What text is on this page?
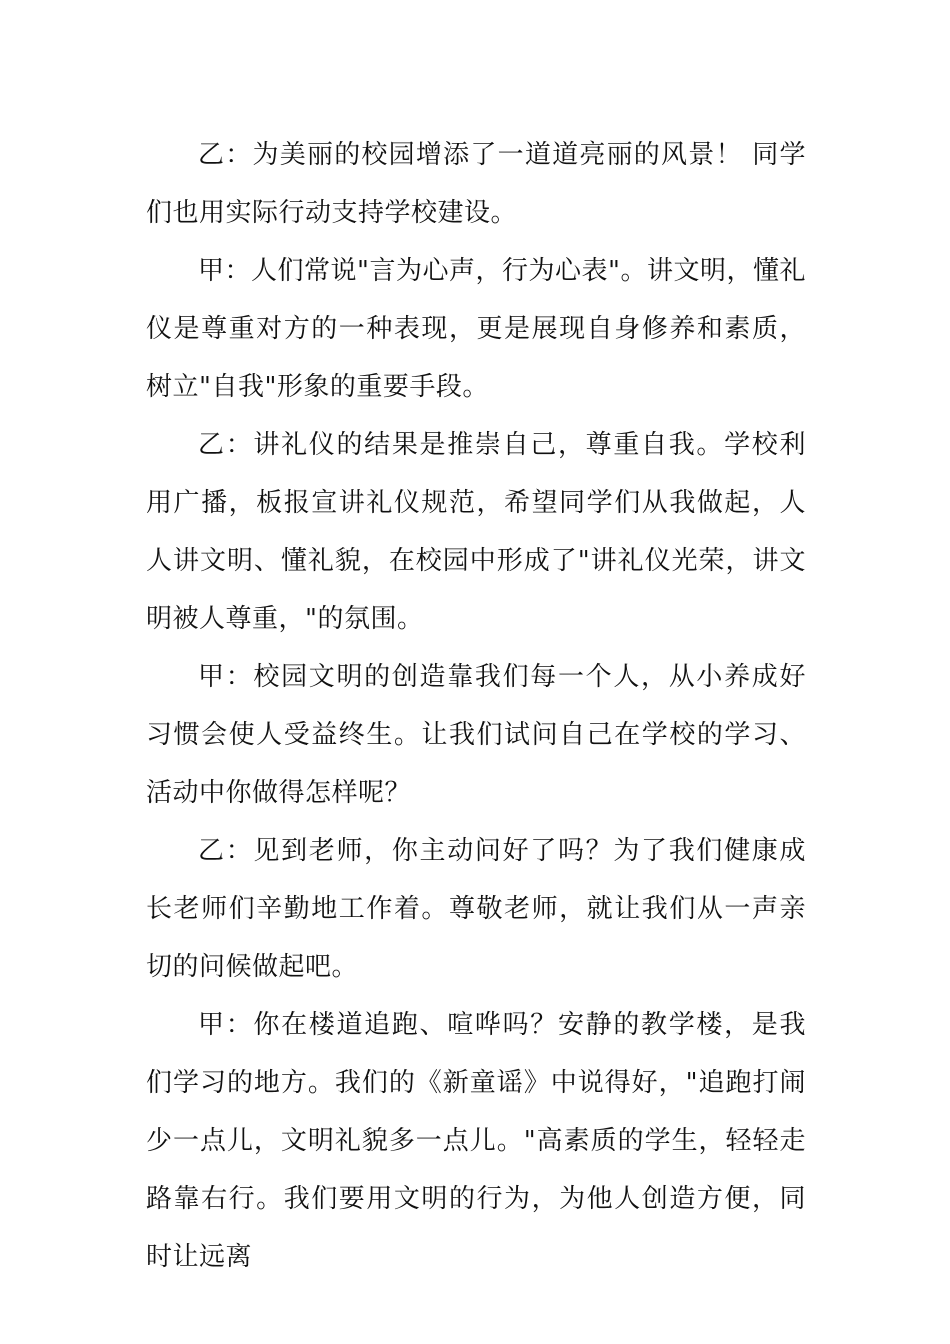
乙：为美丽的校园增添了一道道亮丽的风景！ 同学们也用实际行动支持学校建设。

甲：人们常说"言为心声，行为心表"。讲文明，懂礼仪是尊重对方的一种表现，更是展现自身修养和素质，树立"自我"形象的重要手段。

乙：讲礼仪的结果是推崇自己，尊重自我。学校利用广播，板报宣讲礼仪规范，希望同学们从我做起，人人讲文明、懂礼貌，在校园中形成了"讲礼仪光荣，讲文明被人尊重，"的氛围。

甲：校园文明的创造靠我们每一个人，从小养成好习惯会使人受益终生。让我们试问自己在学校的学习、活动中你做得怎样呢？

乙：见到老师，你主动问好了吗？为了我们健康成长老师们辛勤地工作着。尊敬老师，就让我们从一声亲切的问候做起吧。

甲：你在楼道追跑、喧哗吗？安静的教学楼，是我们学习的地方。我们的《新童谣》中说得好，"追跑打闹少一点儿，文明礼貌多一点儿。"高素质的学生，轻轻走路靠右行。我们要用文明的行为，为他人创造方便，同时让远离
